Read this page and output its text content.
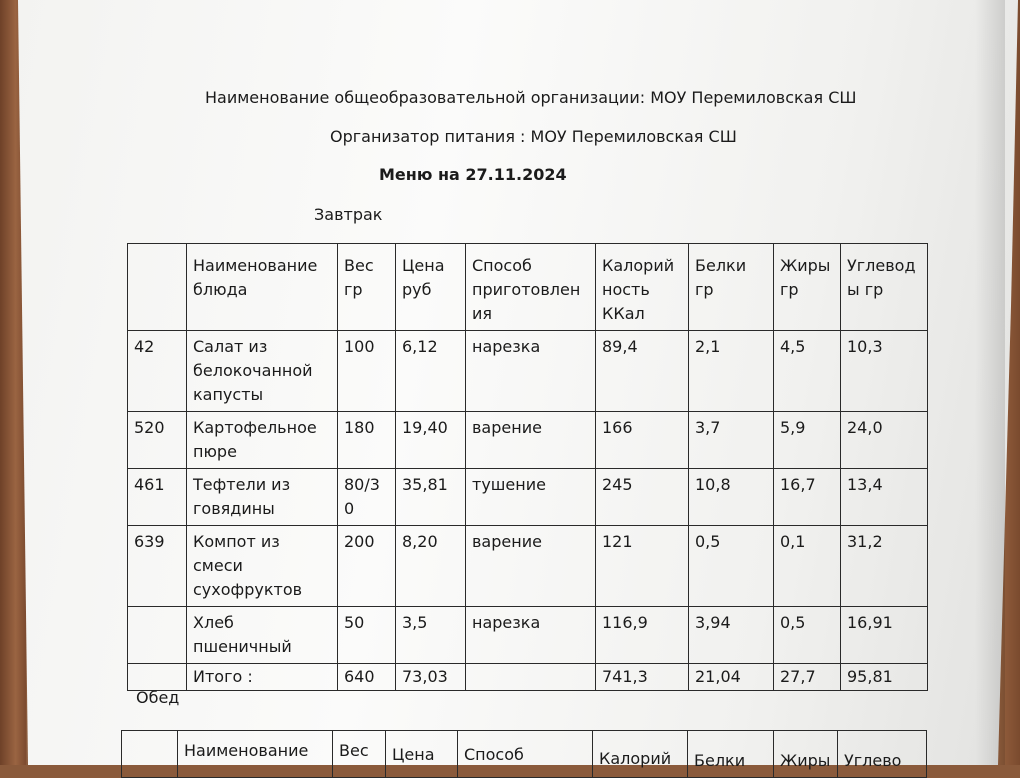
Наименование общеобразовательной организации: МОУ Перемиловская СШ
Организатор питания : МОУ Перемиловская СШ
Меню на 27.11.2024
Завтрак
	Наименование блюда	Вес гр	Цена руб	Способ приготовления	Калорийность ККал	Белки гр	Жиры гр	Углеводы гр
42	Салат из белокочанной капусты	100	6,12	нарезка	89,4	2,1	4,5	10,3
520	Картофельное пюре	180	19,40	варение	166	3,7	5,9	24,0
461	Тефтели из говядины	80/30	35,81	тушение	245	10,8	16,7	13,4
639	Компот из смеси сухофруктов	200	8,20	варение	121	0,5	0,1	31,2
	Хлеб пшеничный	50	3,5	нарезка	116,9	3,94	0,5	16,91
	Итого :	640	73,03		741,3	21,04	27,7	95,81
Обед
	Наименование	Вес	Цена	Способ	Калорий	Белки	Жиры	Углево
